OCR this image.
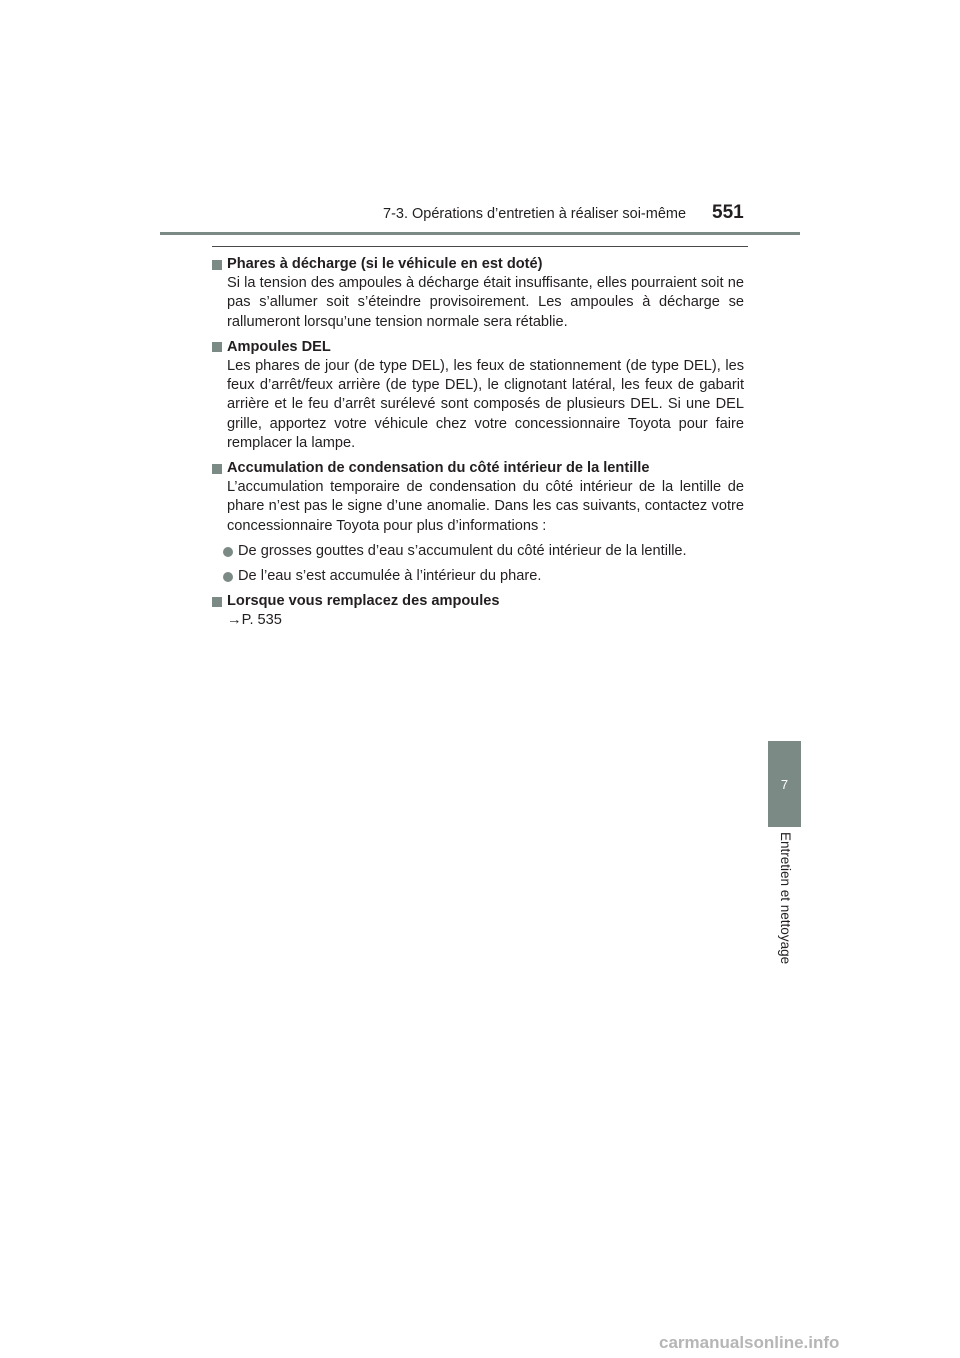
7-3. Opérations d’entretien à réaliser soi-même 551
Phares à décharge (si le véhicule en est doté)

Si la tension des ampoules à décharge était insuffisante, elles pourraient soit ne pas s’allumer soit s’éteindre provisoirement. Les ampoules à décharge se rallumeront lorsqu’une tension normale sera rétablie.

Ampoules DEL

Les phares de jour (de type DEL), les feux de stationnement (de type DEL), les feux d’arrêt/feux arrière (de type DEL), le clignotant latéral, les feux de gabarit arrière et le feu d’arrêt surélevé sont composés de plusieurs DEL. Si une DEL grille, apportez votre véhicule chez votre concessionnaire Toyota pour faire remplacer la lampe.

Accumulation de condensation du côté intérieur de la lentille

L’accumulation temporaire de condensation du côté intérieur de la lentille de phare n’est pas le signe d’une anomalie. Dans les cas suivants, contactez votre concessionnaire Toyota pour plus d’informations :

De grosses gouttes d’eau s’accumulent du côté intérieur de la lentille.
De l’eau s’est accumulée à l’intérieur du phare.
Lorsque vous remplacez des ampoules
→P. 535
7
Entretien et nettoyage
carmanualsonline.info
